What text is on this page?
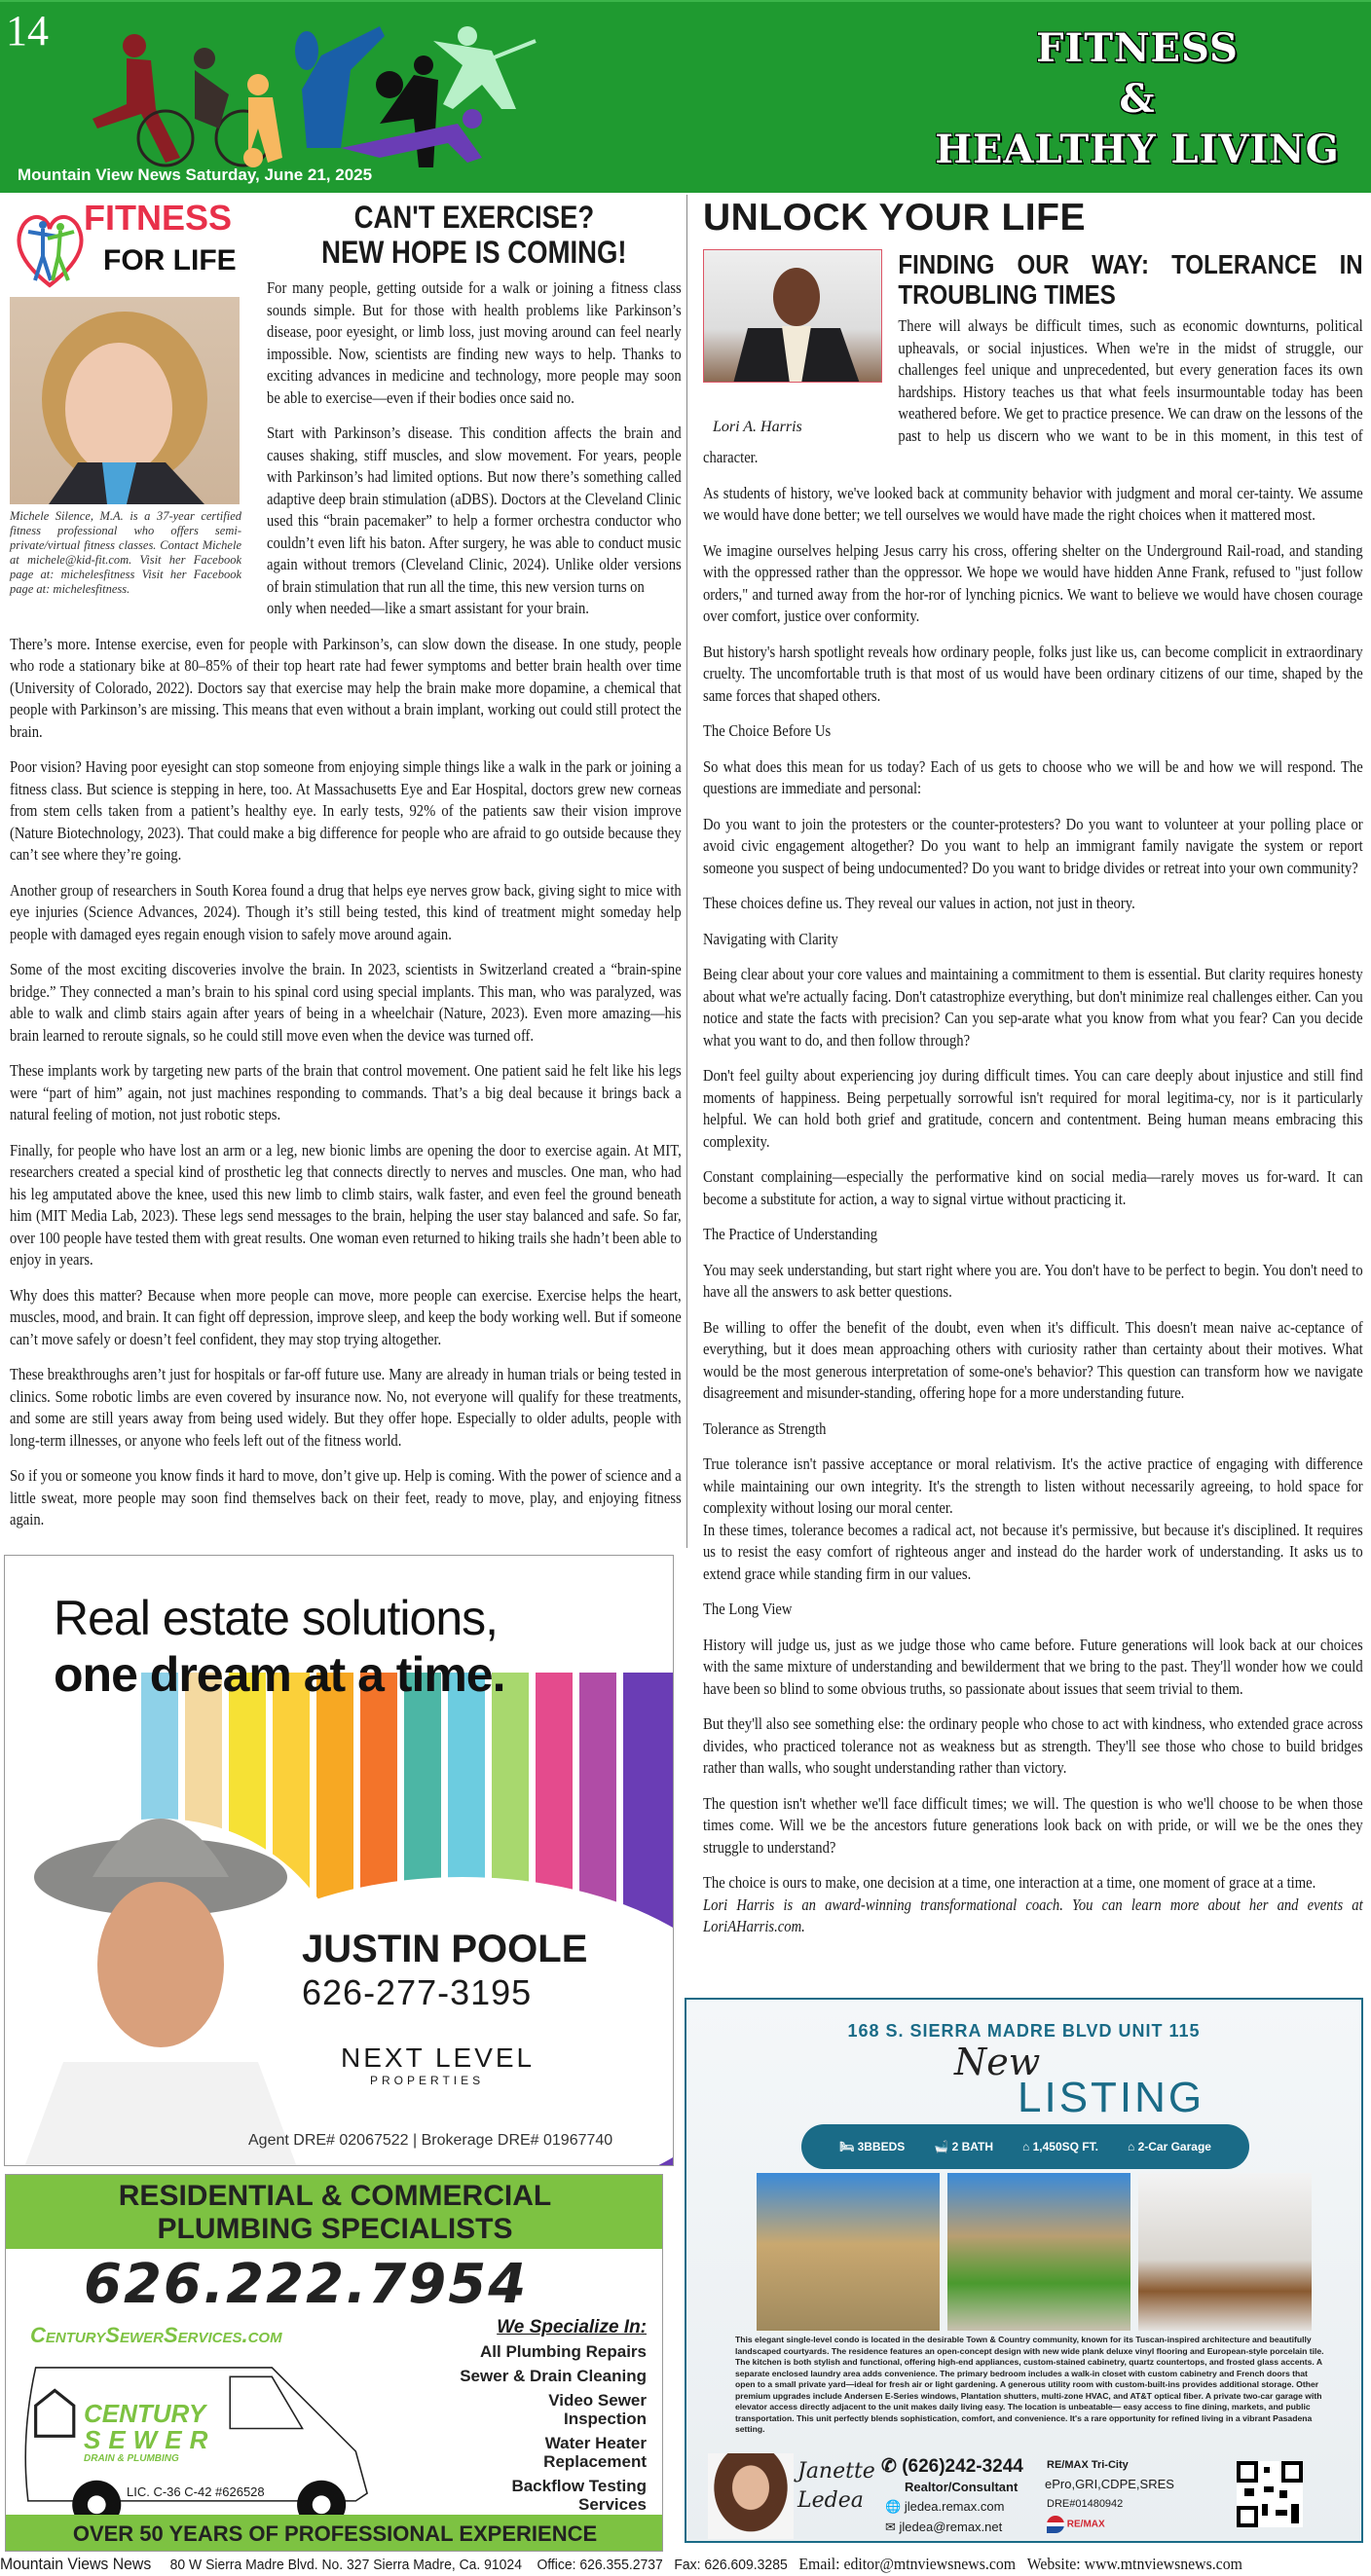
14	FITNESS
&
HEALTHY LIVING
Mountain View News Saturday, June 21, 2025
FITNESS
FOR LIFE
Michele Silence, M.A. is a 37-year certified fitness professional who offers semi-private/virtual fitness classes. Contact Michele at michele@kid-fit.com. Visit her Facebook page at: michelesfitness Visit her Facebook page at: michelesfitness.
CAN'T EXERCISE?
NEW HOPE IS COMING!

For many people, getting outside for a walk or joining a fitness class sounds simple. But for those with health problems like Parkinson’s disease, poor eyesight, or limb loss, just moving around can feel nearly impossible. Now, scientists are finding new ways to help. Thanks to exciting advances in medicine and technology, more people may soon be able to exercise—even if their bodies once said no.

Start with Parkinson’s disease. This condition affects the brain and causes shaking, stiff muscles, and slow movement. For years, people with Parkinson’s had limited options. But now there’s something called adaptive deep brain stimulation (aDBS). Doctors at the Cleveland Clinic used this “brain pacemaker” to help a former orchestra conductor who couldn’t even lift his baton. After surgery, he was able to conduct music again without tremors (Cleveland Clinic, 2024). Unlike older versions of brain stimulation that run all the time, this new version turns on

only when needed—like a smart assistant for your brain.

There’s more. Intense exercise, even for people with Parkinson’s, can slow down the disease. In one study, people who rode a stationary bike at 80–85% of their top heart rate had fewer symptoms and better brain health over time (University of Colorado, 2022). Doctors say that exercise may help the brain make more dopamine, a chemical that people with Parkinson’s are missing. This means that even without a brain implant, working out could still protect the brain.

Poor vision? Having poor eyesight can stop someone from enjoying simple things like a walk in the park or joining a fitness class. But science is stepping in here, too. At Massachusetts Eye and Ear Hospital, doctors grew new corneas from stem cells taken from a patient’s healthy eye. In early tests, 92% of the patients saw their vision improve (Nature Biotechnology, 2023). That could make a big difference for people who are afraid to go outside because they can’t see where they’re going.

Another group of researchers in South Korea found a drug that helps eye nerves grow back, giving sight to mice with eye injuries (Science Advances, 2024). Though it’s still being tested, this kind of treatment might someday help people with damaged eyes regain enough vision to safely move around again.

Some of the most exciting discoveries involve the brain. In 2023, scientists in Switzerland created a “brain-spine bridge.” They connected a man’s brain to his spinal cord using special implants. This man, who was paralyzed, was able to walk and climb stairs again after years of being in a wheelchair (Nature, 2023). Even more amazing—his brain learned to reroute signals, so he could still move even when the device was turned off.

These implants work by targeting new parts of the brain that control movement. One patient said he felt like his legs were “part of him” again, not just machines responding to commands. That’s a big deal because it brings back a natural feeling of motion, not just robotic steps.

Finally, for people who have lost an arm or a leg, new bionic limbs are opening the door to exercise again. At MIT, researchers created a special kind of prosthetic leg that connects directly to nerves and muscles. One man, who had his leg amputated above the knee, used this new limb to climb stairs, walk faster, and even feel the ground beneath him (MIT Media Lab, 2023). These legs send messages to the brain, helping the user stay balanced and safe. So far, over 100 people have tested them with great results. One woman even returned to hiking trails she hadn’t been able to enjoy in years.

Why does this matter? Because when more people can move, more people can exercise. Exercise helps the heart, muscles, mood, and brain. It can fight off depression, improve sleep, and keep the body working well. But if someone can’t move safely or doesn’t feel confident, they may stop trying altogether.

These breakthroughs aren’t just for hospitals or far-off future use. Many are already in human trials or being tested in clinics. Some robotic limbs are even covered by insurance now. No, not everyone will qualify for these treatments, and some are still years away from being used widely. But they offer hope. Especially to older adults, people with long-term illnesses, or anyone who feels left out of the fitness world.

So if you or someone you know finds it hard to move, don’t give up. Help is coming. With the power of science and a little sweat, more people may soon find themselves back on their feet, ready to move, play, and enjoying fitness again.

Real estate solutions,
one dream at a time.
JUSTIN POOLE
626-277-3195
NEXT LEVEL
PROPERTIES
Agent DRE# 02067522 | Brokerage DRE# 01967740
RESIDENTIAL & COMMERCIAL
PLUMBING SPECIALISTS
626.222.7954
CenturySewerServices.com	We Specialize In:
All Plumbing Repairs
Sewer & Drain Cleaning
Video Sewer Inspection
Water Heater Replacement
Backflow Testing Services
CENTURY
SEWER
DRAIN & PLUMBING
LIC. C-36 C-42 #626528
OVER 50 YEARS OF PROFESSIONAL EXPERIENCE
UNLOCK YOUR LIFE
Lori A. Harris
FINDING OUR WAY: TOLERANCE IN TROUBLING TIMES

There will always be difficult times, such as economic downturns, political upheavals, or social injustices. When we're in the midst of struggle, our challenges feel unique and unprecedented, but every generation faces its own hardships. History teaches us that what feels insurmountable today has been weathered before. We get to practice presence. We can draw on the lessons of the past to help us discern who we want to be in this moment, in this test of character.

As students of history, we've looked back at community behavior with judgment and moral cer-tainty. We assume we would have done better; we tell ourselves we would have made the right choices when it mattered most.

We imagine ourselves helping Jesus carry his cross, offering shelter on the Underground Rail-road, and standing with the oppressed rather than the oppressor. We hope we would have hidden Anne Frank, refused to "just follow orders," and turned away from the hor-ror of lynching picnics. We want to believe we would have chosen courage over comfort, justice over conformity.

But history's harsh spotlight reveals how ordinary people, folks just like us, can become complicit in extraordinary cruelty. The uncomfortable truth is that most of us would have been ordinary citizens of our time, shaped by the same forces that shaped others.

The Choice Before Us

So what does this mean for us today? Each of us gets to choose who we will be and how we will respond. The questions are immediate and personal:

Do you want to join the protesters or the counter-protesters? Do you want to volunteer at your polling place or avoid civic engagement altogether? Do you want to help an immigrant family navigate the system or report someone you suspect of being undocumented? Do you want to bridge divides or retreat into your own community?

These choices define us. They reveal our values in action, not just in theory.

Navigating with Clarity

Being clear about your core values and maintaining a commitment to them is essential. But clarity requires honesty about what we're actually facing. Don't catastrophize everything, but don't minimize real challenges either. Can you notice and state the facts with precision? Can you sep-arate what you know from what you fear? Can you decide what you want to do, and then follow through?

Don't feel guilty about experiencing joy during difficult times. You can care deeply about injustice and still find moments of happiness. Being perpetually sorrowful isn't required for moral legitima-cy, nor is it particularly helpful. We can hold both grief and gratitude, concern and contentment. Being human means embracing this complexity.

Constant complaining—especially the performative kind on social media—rarely moves us for-ward. It can become a substitute for action, a way to signal virtue without practicing it.

The Practice of Understanding

You may seek understanding, but start right where you are. You don't have to be perfect to begin. You don't need to have all the answers to ask better questions.

Be willing to offer the benefit of the doubt, even when it's difficult. This doesn't mean naive ac-ceptance of everything, but it does mean approaching others with curiosity rather than certainty about their motives. What would be the most generous interpretation of some-one's behavior? This question can transform how we navigate disagreement and misunder-standing, offering hope for a more understanding future.

Tolerance as Strength

True tolerance isn't passive acceptance or moral relativism. It's the active practice of engaging with difference while maintaining our own integrity. It's the strength to listen without necessarily agreeing, to hold space for complexity without losing our moral center.

In these times, tolerance becomes a radical act, not because it's permissive, but because it's disciplined. It requires us to resist the easy comfort of righteous anger and instead do the harder work of understanding. It asks us to extend grace while standing firm in our values.

The Long View

History will judge us, just as we judge those who came before. Future generations will look back at our choices with the same mixture of understanding and bewilderment that we bring to the past. They'll wonder how we could have been so blind to some obvious truths, so passionate about issues that seem trivial to them.

But they'll also see something else: the ordinary people who chose to act with kindness, who extended grace across divides, who practiced tolerance not as weakness but as strength. They'll see those who chose to build bridges rather than walls, who sought understanding rather than victory.

The question isn't whether we'll face difficult times; we will. The question is who we'll choose to be when those times come. Will we be the ancestors future generations look back on with pride, or will we be the ones they struggle to understand?

The choice is ours to make, one decision at a time, one interaction at a time, one moment of grace at a time.

Lori Harris is an award-winning transformational coach. You can learn more about her and events at LoriAHarris.com.

168 S. SIERRA MADRE BLVD UNIT 115
New
LISTING
🛏 3BBEDS	🛁 2 BATH	⌂ 1,450SQ FT.	⌂ 2-Car Garage
This elegant single-level condo is located in the desirable Town & Country community, known for its Tuscan-inspired architecture and beautifully landscaped courtyards. The residence features an open-concept design with new wide plank deluxe vinyl flooring and European-style porcelain tile. The kitchen is both stylish and functional, offering high-end appliances, custom-stained cabinetry, quartz countertops, and frosted glass accents. A separate enclosed laundry area adds convenience. The primary bedroom includes a walk-in closet with custom cabinetry and French doors that open to a small private yard—ideal for fresh air or light gardening. A generous utility room with custom-built-ins provides additional storage. Other premium upgrades include Andersen E-Series windows, Plantation shutters, multi-zone HVAC, and AT&T optical fiber. A private two-car garage with elevator access directly adjacent to the unit makes daily living easy. The location is unbeatable— easy access to fine dining, markets, and public transportation. This unit perfectly blends sophistication, comfort, and convenience. It's a rare opportunity for refined living in a vibrant Pasadena setting.
Janette Ledea
✆ (626)242-3244
Realtor/Consultant
🌐 jledea.remax.com
✉ jledea@remax.net
RE/MAX Tri-City
ePro,GRI,CDPE,SRES
DRE#01480942
RE/MAX
Mountain Views News 80 W Sierra Madre Blvd. No. 327 Sierra Madre, Ca. 91024 Office: 626.355.2737 Fax: 626.609.3285 Email: editor@mtnviewsnews.com Website: www.mtnviewsnews.com
